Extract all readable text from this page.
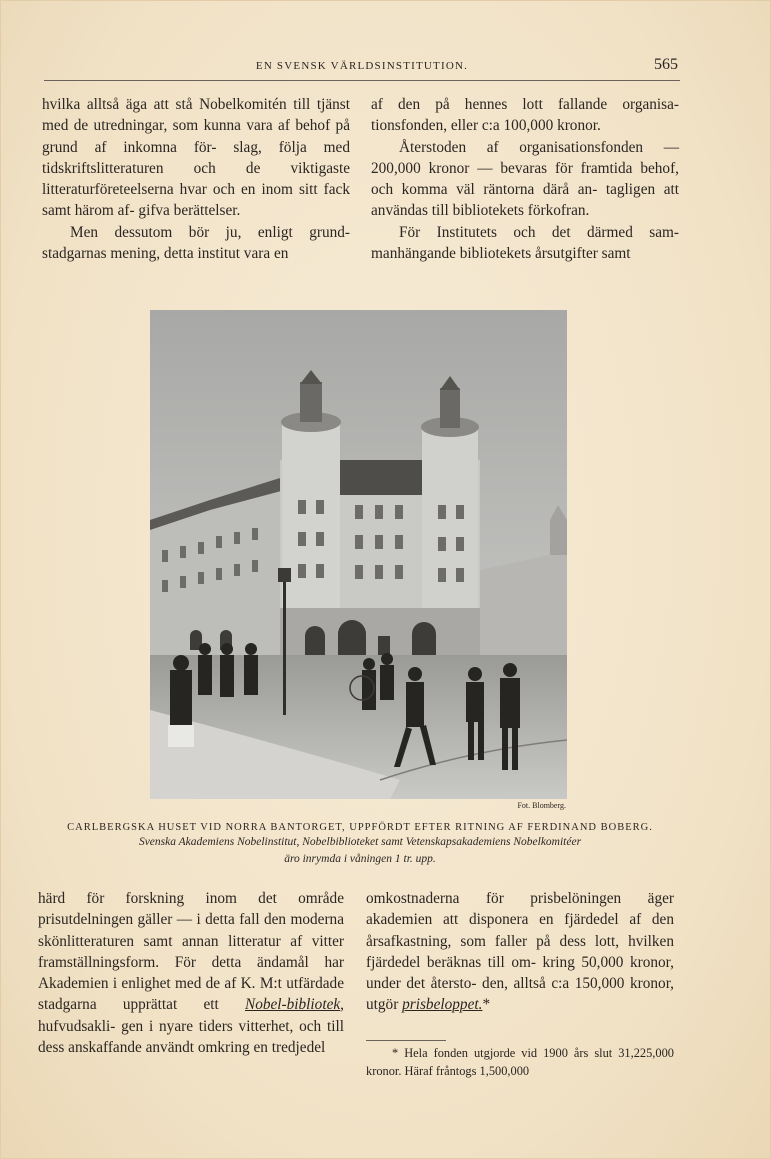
EN SVENSK VÄRLDSINSTITUTION.	565

hvilka alltså äga att stå Nobelkomitén till tjänst med de utredningar, som kunna vara af behof på grund af inkomna för- slag, följa med tidskriftslitteraturen och de viktigaste litteraturföreteelserna hvar och en inom sitt fack samt härom af- gifva berättelser.

Men dessutom bör ju, enligt grund- stadgarnas mening, detta institut vara en

af den på hennes lott fallande organisa- tionsfonden, eller c:a 100,000 kronor.

Återstoden af organisationsfonden — 200,000 kronor — bevaras för framtida behof, och komma väl räntorna därå an- tagligen att användas till bibliotekets förkofran.

För Institutets och det därmed sam- manhängande bibliotekets årsutgifter samt

Fot. Blomberg.
CARLBERGSKA HUSET VID NORRA BANTORGET, UPPFÖRDT EFTER RITNING AF FERDINAND BOBERG.
Svenska Akademiens Nobelinstitut, Nobelbiblioteket samt Vetenskapsakademiens Nobelkomitéer
äro inrymda i våningen 1 tr. upp.

härd för forskning inom det område prisutdelningen gäller — i detta fall den moderna skönlitteraturen samt annan litteratur af vitter framställningsform. För detta ändamål har Akademien i enlighet med de af K. M:t utfärdade stadgarna upprättat ett Nobel-bibliotek, hufvudsakli- gen i nyare tiders vitterhet, och till dess anskaffande användt omkring en tredjedel

omkostnaderna för prisbelöningen äger akademien att disponera en fjärdedel af den årsafkastning, som faller på dess lott, hvilken fjärdedel beräknas till om- kring 50,000 kronor, under det återsto- den, alltså c:a 150,000 kronor, utgör prisbeloppet.*

* Hela fonden utgjorde vid 1900 års slut 31,225,000 kronor. Häraf fråntogs 1,500,000
